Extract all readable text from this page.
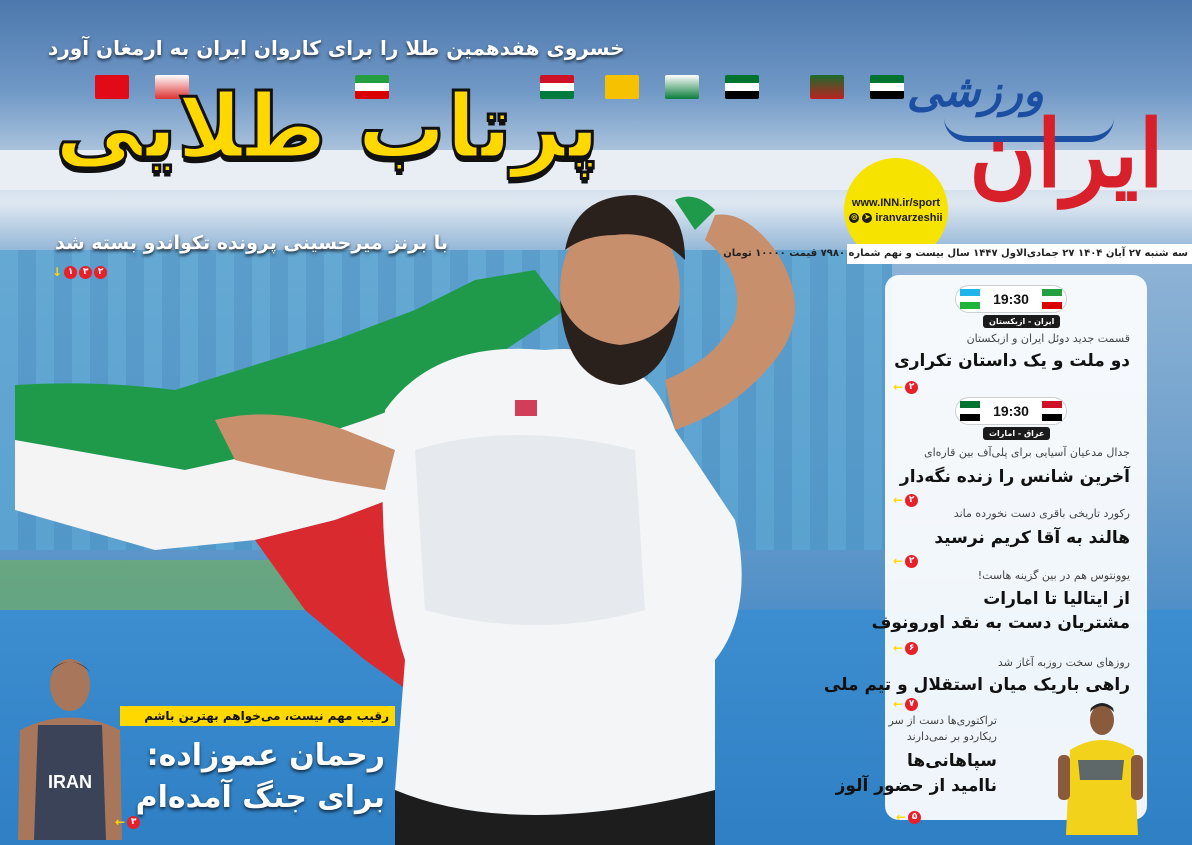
ورزشی
ایران
www.INN.ir/sport
◎ ➤ iranvarzeshii
سه شنبه ۲۷ آبان ۱۴۰۴ ۲۷ جمادی‌الاول ۱۴۴۷ سال بیست و نهم شماره ۷۹۸۰ قیمت ۱۰۰۰۰ تومان
خسروی هفدهمین طلا را برای کاروان ایران به ارمغان آورد
پرتاب طلایی
با برنز میرحسینی پرونده تکواندو بسته شد
↓ ۱	۳	۲
19:30
ایران - ازبکستان
قسمت جدید دوئل ایران و ازبکستان
دو ملت و یک داستان تکراری
← ۲
19:30
عراق - امارات
جدال مدعیان آسیایی برای پلی‌آف بین قاره‌ای
آخرین شانس را زنده نگه‌دار
← ۲
رکورد تاریخی باقری دست نخورده ماند
هالند به آقا کریم نرسید
← ۲
یوونتوس هم در بین گزینه هاست!
از ایتالیا تا امارات
مشتریان دست به نقد اورونوف
← ۶
روزهای سخت روزبه آغاز شد
راهی باریک میان استقلال و تیم ملی
← ۷
تراکتوری‌ها دست از سر
ریکاردو بر نمی‌دارند
سپاهانی‌ها
ناامید از حضور آلوز
← ۵
IRAN
رقیب مهم نیست، می‌خواهم بهترین باشم
رحمان عموزاده:
برای جنگ آمده‌ام
← ۳
